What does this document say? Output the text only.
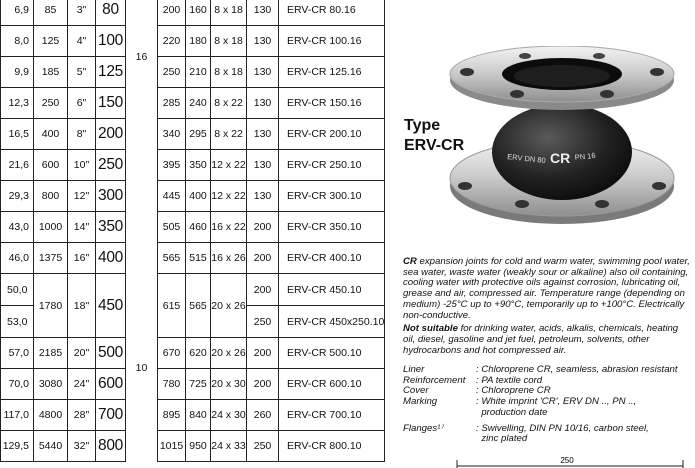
6,9	85	3"	80	16	200	160	8 x 18	130	ERV-CR 80.16
8,0	125	4"	100		220	180	8 x 18	130	ERV-CR 100.16
9,9	185	5"	125		250	210	8 x 18	130	ERV-CR 125.16
12,3	250	6"	150		285	240	8 x 22	130	ERV-CR 150.16
16,5	400	8"	200		340	295	8 x 22	130	ERV-CR 200.10
21,6	600	10"	250		395	350	12 x 22	130	ERV-CR 250.10
29,3	800	12"	300		445	400	12 x 22	130	ERV-CR 300.10
43,0	1000	14"	350		505	460	16 x 22	200	ERV-CR 350.10
46,0	1375	16"	400		565	515	16 x 26	200	ERV-CR 400.10
50,0	1780	18"	450	10	615	565	20 x 26	200	ERV-CR 450.10
53,0								250	ERV-CR 450x250.10
57,0	2185	20"	500		670	620	20 x 26	200	ERV-CR 500.10
70,0	3080	24"	600		780	725	20 x 30	200	ERV-CR 600.10
117,0	4800	28"	700		895	840	24 x 30	260	ERV-CR 700.10
129,5	5440	32"	800		1015	950	24 x 33	250	ERV-CR 800.10
Type
ERV-CR
ERV DN 80 CR PN 16
CR expansion joints for cold and warm water, swimming pool water, sea water, waste water (weakly sour or alkaline) also oil containing, cooling water with protective oils against corrosion, lubricating oil, grease and air, compressed air. Temperature range (depending on medium) -25°C up to +90°C, temporarily up to +100°C. Electrically non-conductive.
Not suitable for drinking water, acids, alkalis, chemicals, heating oil, diesel, gasoline and jet fuel, petroleum, solvents, other hydrocarbons and hot compressed air.
Liner	: Chloroprene CR, seamless, abrasion resistant
Reinforcement	: PA textile cord
Cover	: Chloroprene CR
Marking	: White imprint 'CR', ERV DN .., PN ..,
production date
Flanges¹⁾	: Swivelling, DIN PN 10/16, carbon steel,
zinc plated
250
